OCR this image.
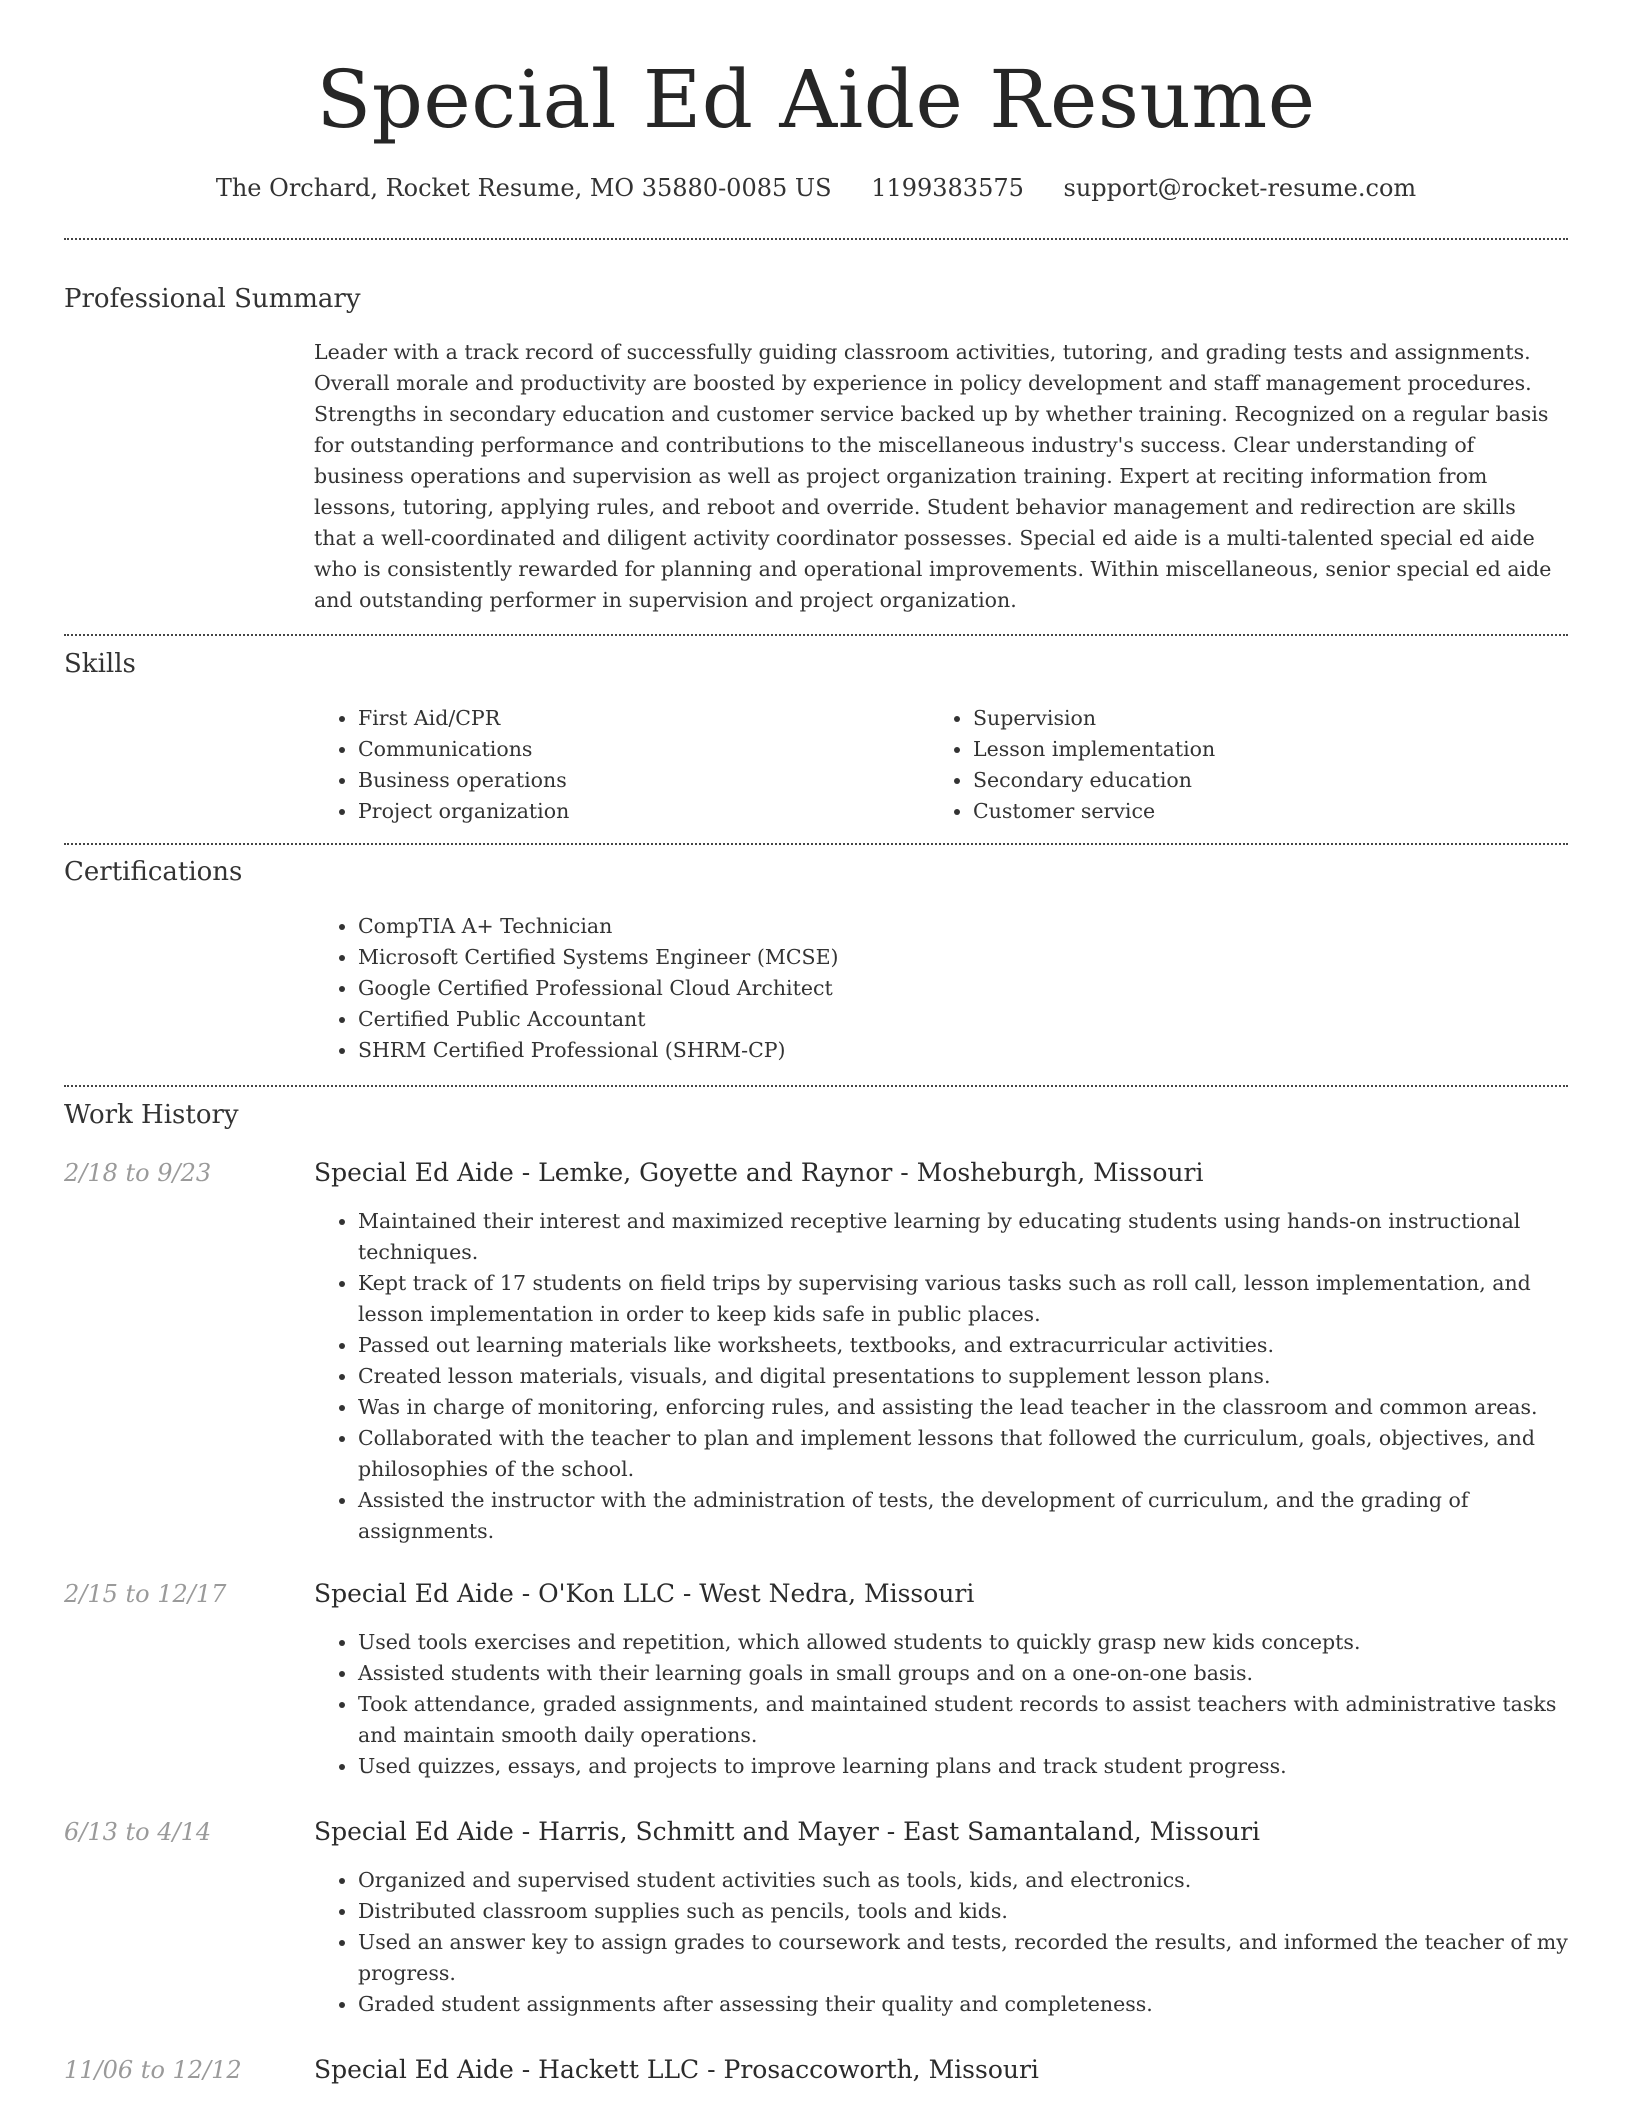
Special Ed Aide Resume
The Orchard, Rocket Resume, MO 35880-0085 US 1199383575 support@rocket-resume.com
Professional Summary
Leader with a track record of successfully guiding classroom activities, tutoring, and grading tests and assignments. Overall morale and productivity are boosted by experience in policy development and staff management procedures. Strengths in secondary education and customer service backed up by whether training. Recognized on a regular basis for outstanding performance and contributions to the miscellaneous industry's success. Clear understanding of business operations and supervision as well as project organization training. Expert at reciting information from lessons, tutoring, applying rules, and reboot and override. Student behavior management and redirection are skills that a well-coordinated and diligent activity coordinator possesses. Special ed aide is a multi-talented special ed aide who is consistently rewarded for planning and operational improvements. Within miscellaneous, senior special ed aide and outstanding performer in supervision and project organization.
Skills
• First Aid/CPR
• Communications
• Business operations
• Project organization
• Supervision
• Lesson implementation
• Secondary education
• Customer service
Certifications
• CompTIA A+ Technician
• Microsoft Certified Systems Engineer (MCSE)
• Google Certified Professional Cloud Architect
• Certified Public Accountant
• SHRM Certified Professional (SHRM-CP)
Work History
2/18 to 9/23	Special Ed Aide - Lemke, Goyette and Raynor - Mosheburgh, Missouri
• Maintained their interest and maximized receptive learning by educating students using hands-on instructional techniques.
• Kept track of 17 students on field trips by supervising various tasks such as roll call, lesson implementation, and lesson implementation in order to keep kids safe in public places.
• Passed out learning materials like worksheets, textbooks, and extracurricular activities.
• Created lesson materials, visuals, and digital presentations to supplement lesson plans.
• Was in charge of monitoring, enforcing rules, and assisting the lead teacher in the classroom and common areas.
• Collaborated with the teacher to plan and implement lessons that followed the curriculum, goals, objectives, and philosophies of the school.
• Assisted the instructor with the administration of tests, the development of curriculum, and the grading of assignments.
2/15 to 12/17	Special Ed Aide - O'Kon LLC - West Nedra, Missouri
• Used tools exercises and repetition, which allowed students to quickly grasp new kids concepts.
• Assisted students with their learning goals in small groups and on a one-on-one basis.
• Took attendance, graded assignments, and maintained student records to assist teachers with administrative tasks and maintain smooth daily operations.
• Used quizzes, essays, and projects to improve learning plans and track student progress.
6/13 to 4/14	Special Ed Aide - Harris, Schmitt and Mayer - East Samantaland, Missouri
• Organized and supervised student activities such as tools, kids, and electronics.
• Distributed classroom supplies such as pencils, tools and kids.
• Used an answer key to assign grades to coursework and tests, recorded the results, and informed the teacher of my progress.
• Graded student assignments after assessing their quality and completeness.
11/06 to 12/12	Special Ed Aide - Hackett LLC - Prosaccoworth, Missouri
